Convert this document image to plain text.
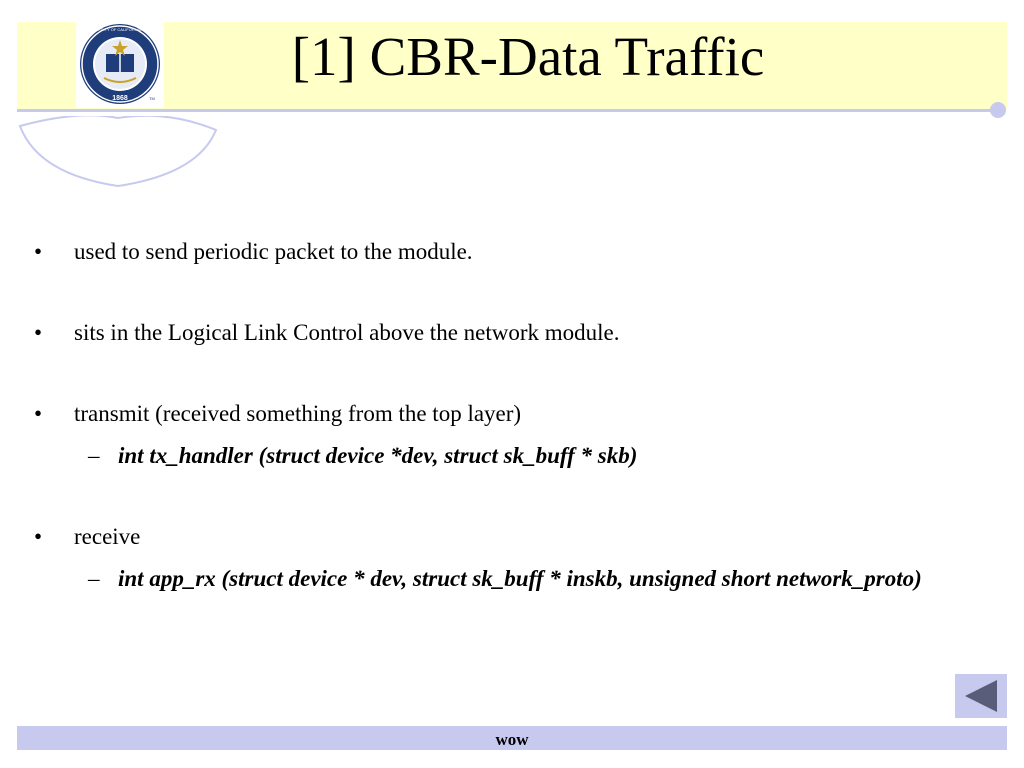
1868
THE UNIVERSITY OF CALIFORNIA BERKELEY
TM
[1] CBR-Data Traffic
•	used to send periodic packet to the module.
•	sits in the Logical Link Control above the network module.
•	transmit (received something from the top layer)
– int tx_handler (struct device *dev, struct sk_buff * skb)
•	receive
– int app_rx (struct device * dev, struct sk_buff * inskb, unsigned short network_proto)
wow
